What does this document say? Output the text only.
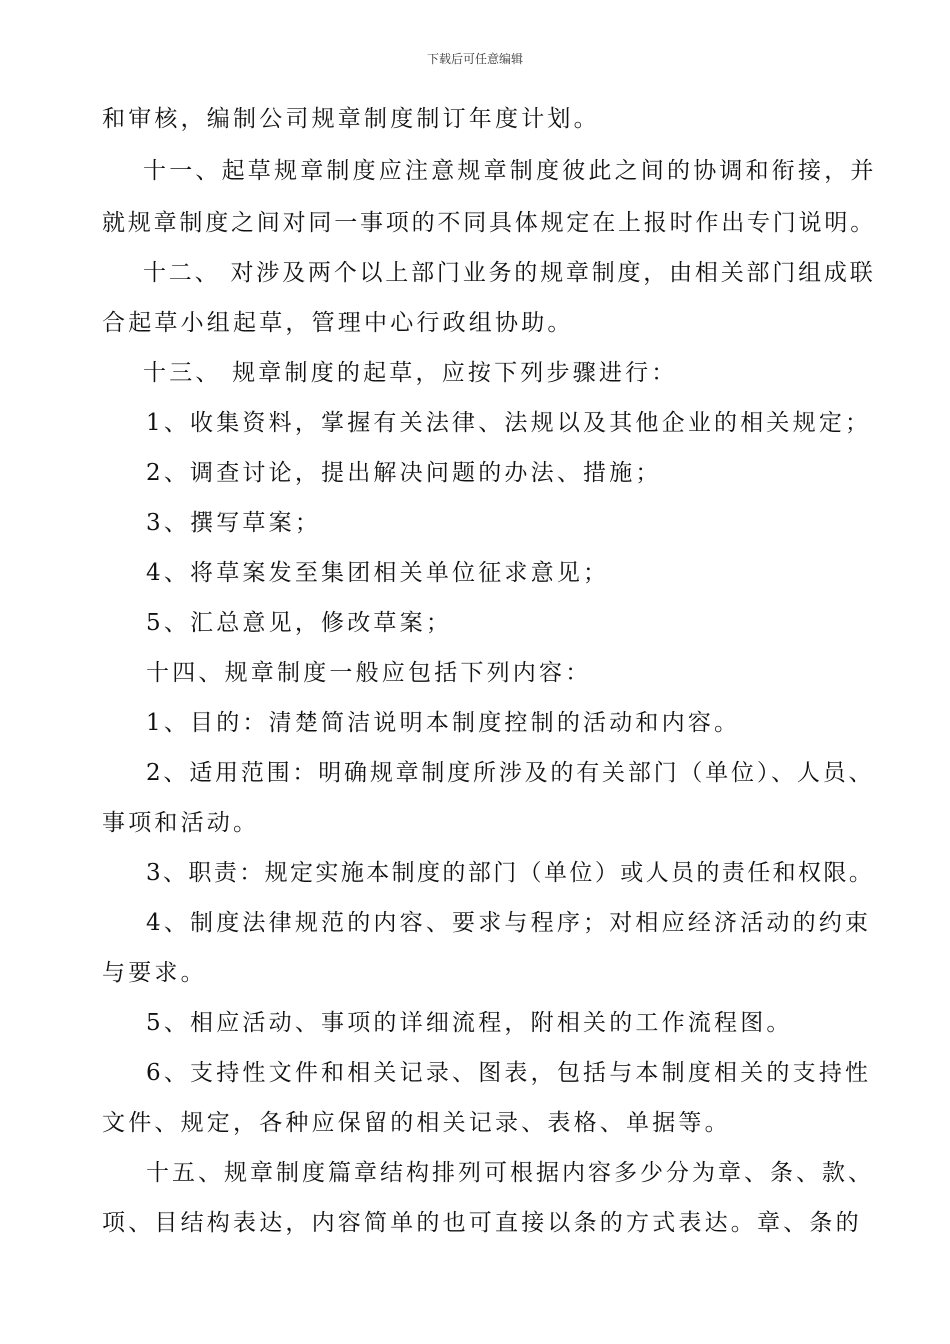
下载后可任意编辑
和审核，编制公司规章制度制订年度计划。
十一、起草规章制度应注意规章制度彼此之间的协调和衔接，并
就规章制度之间对同一事项的不同具体规定在上报时作出专门说明。
十二、 对涉及两个以上部门业务的规章制度，由相关部门组成联
合起草小组起草，管理中心行政组协助。
十三、 规章制度的起草，应按下列步骤进行：
1、收集资料，掌握有关法律、法规以及其他企业的相关规定；
2、调查讨论，提出解决问题的办法、措施；
3、撰写草案；
4、将草案发至集团相关单位征求意见；
5、汇总意见，修改草案；
十四、规章制度一般应包括下列内容：
1、目的：清楚简洁说明本制度控制的活动和内容。
2、适用范围：明确规章制度所涉及的有关部门（单位）、人员、
事项和活动。
3、职责：规定实施本制度的部门（单位）或人员的责任和权限。
4、制度法律规范的内容、要求与程序；对相应经济活动的约束
与要求。
5、相应活动、事项的详细流程，附相关的工作流程图。
6、支持性文件和相关记录、图表，包括与本制度相关的支持性
文件、规定，各种应保留的相关记录、表格、单据等。
十五、规章制度篇章结构排列可根据内容多少分为章、条、款、
项、目结构表达，内容简单的也可直接以条的方式表达。章、条的
